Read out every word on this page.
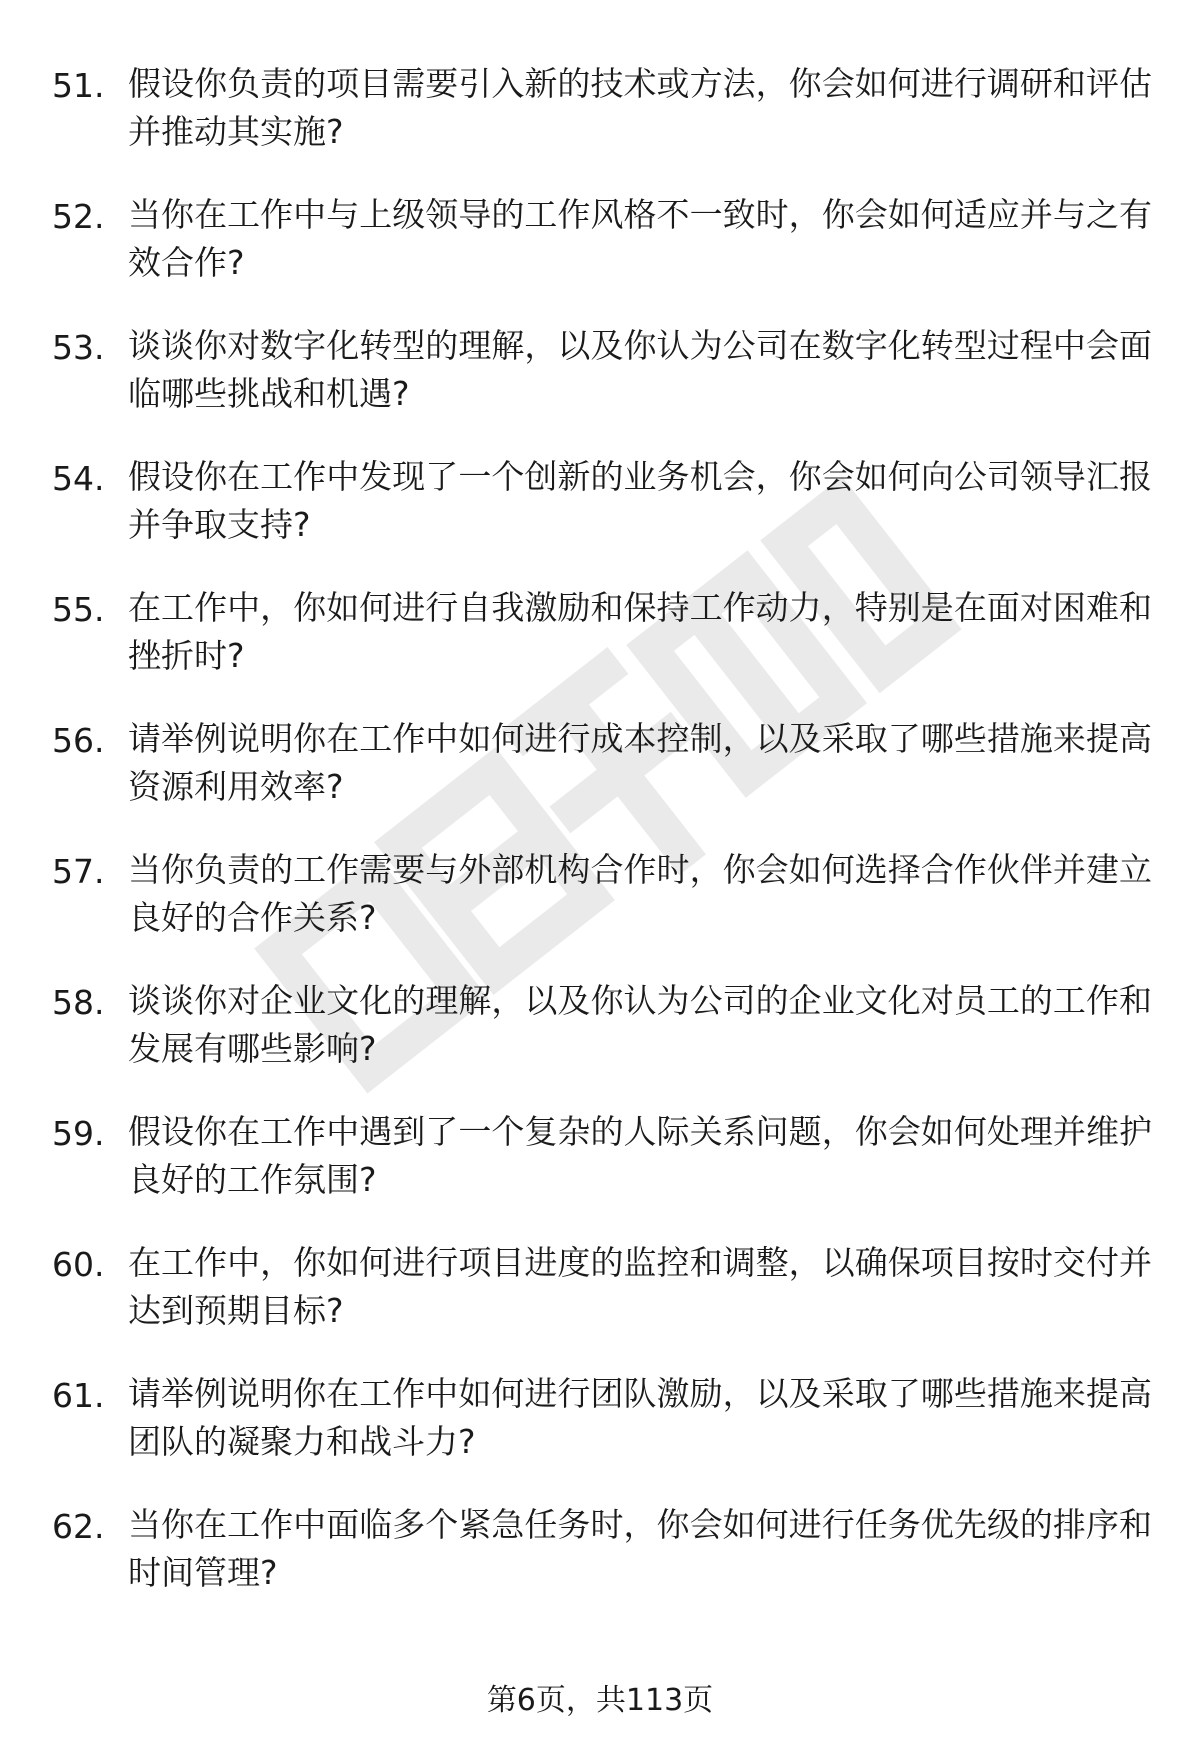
51. 假设你负责的项目需要引入新的技术或方法，你会如何进行调研和评估并推动其实施?
52. 当你在工作中与上级领导的工作风格不一致时，你会如何适应并与之有效合作?
53. 谈谈你对数字化转型的理解，以及你认为公司在数字化转型过程中会面临哪些挑战和机遇?
54. 假设你在工作中发现了一个创新的业务机会，你会如何向公司领导汇报并争取支持?
55. 在工作中，你如何进行自我激励和保持工作动力，特别是在面对困难和挫折时?
56. 请举例说明你在工作中如何进行成本控制，以及采取了哪些措施来提高资源利用效率?
57. 当你负责的工作需要与外部机构合作时，你会如何选择合作伙伴并建立良好的合作关系?
58. 谈谈你对企业文化的理解，以及你认为公司的企业文化对员工的工作和发展有哪些影响?
59. 假设你在工作中遇到了一个复杂的人际关系问题，你会如何处理并维护良好的工作氛围?
60. 在工作中，你如何进行项目进度的监控和调整，以确保项目按时交付并达到预期目标?
61. 请举例说明你在工作中如何进行团队激励，以及采取了哪些措施来提高团队的凝聚力和战斗力?
62. 当你在工作中面临多个紧急任务时，你会如何进行任务优先级的排序和时间管理?
第6页，共113页
